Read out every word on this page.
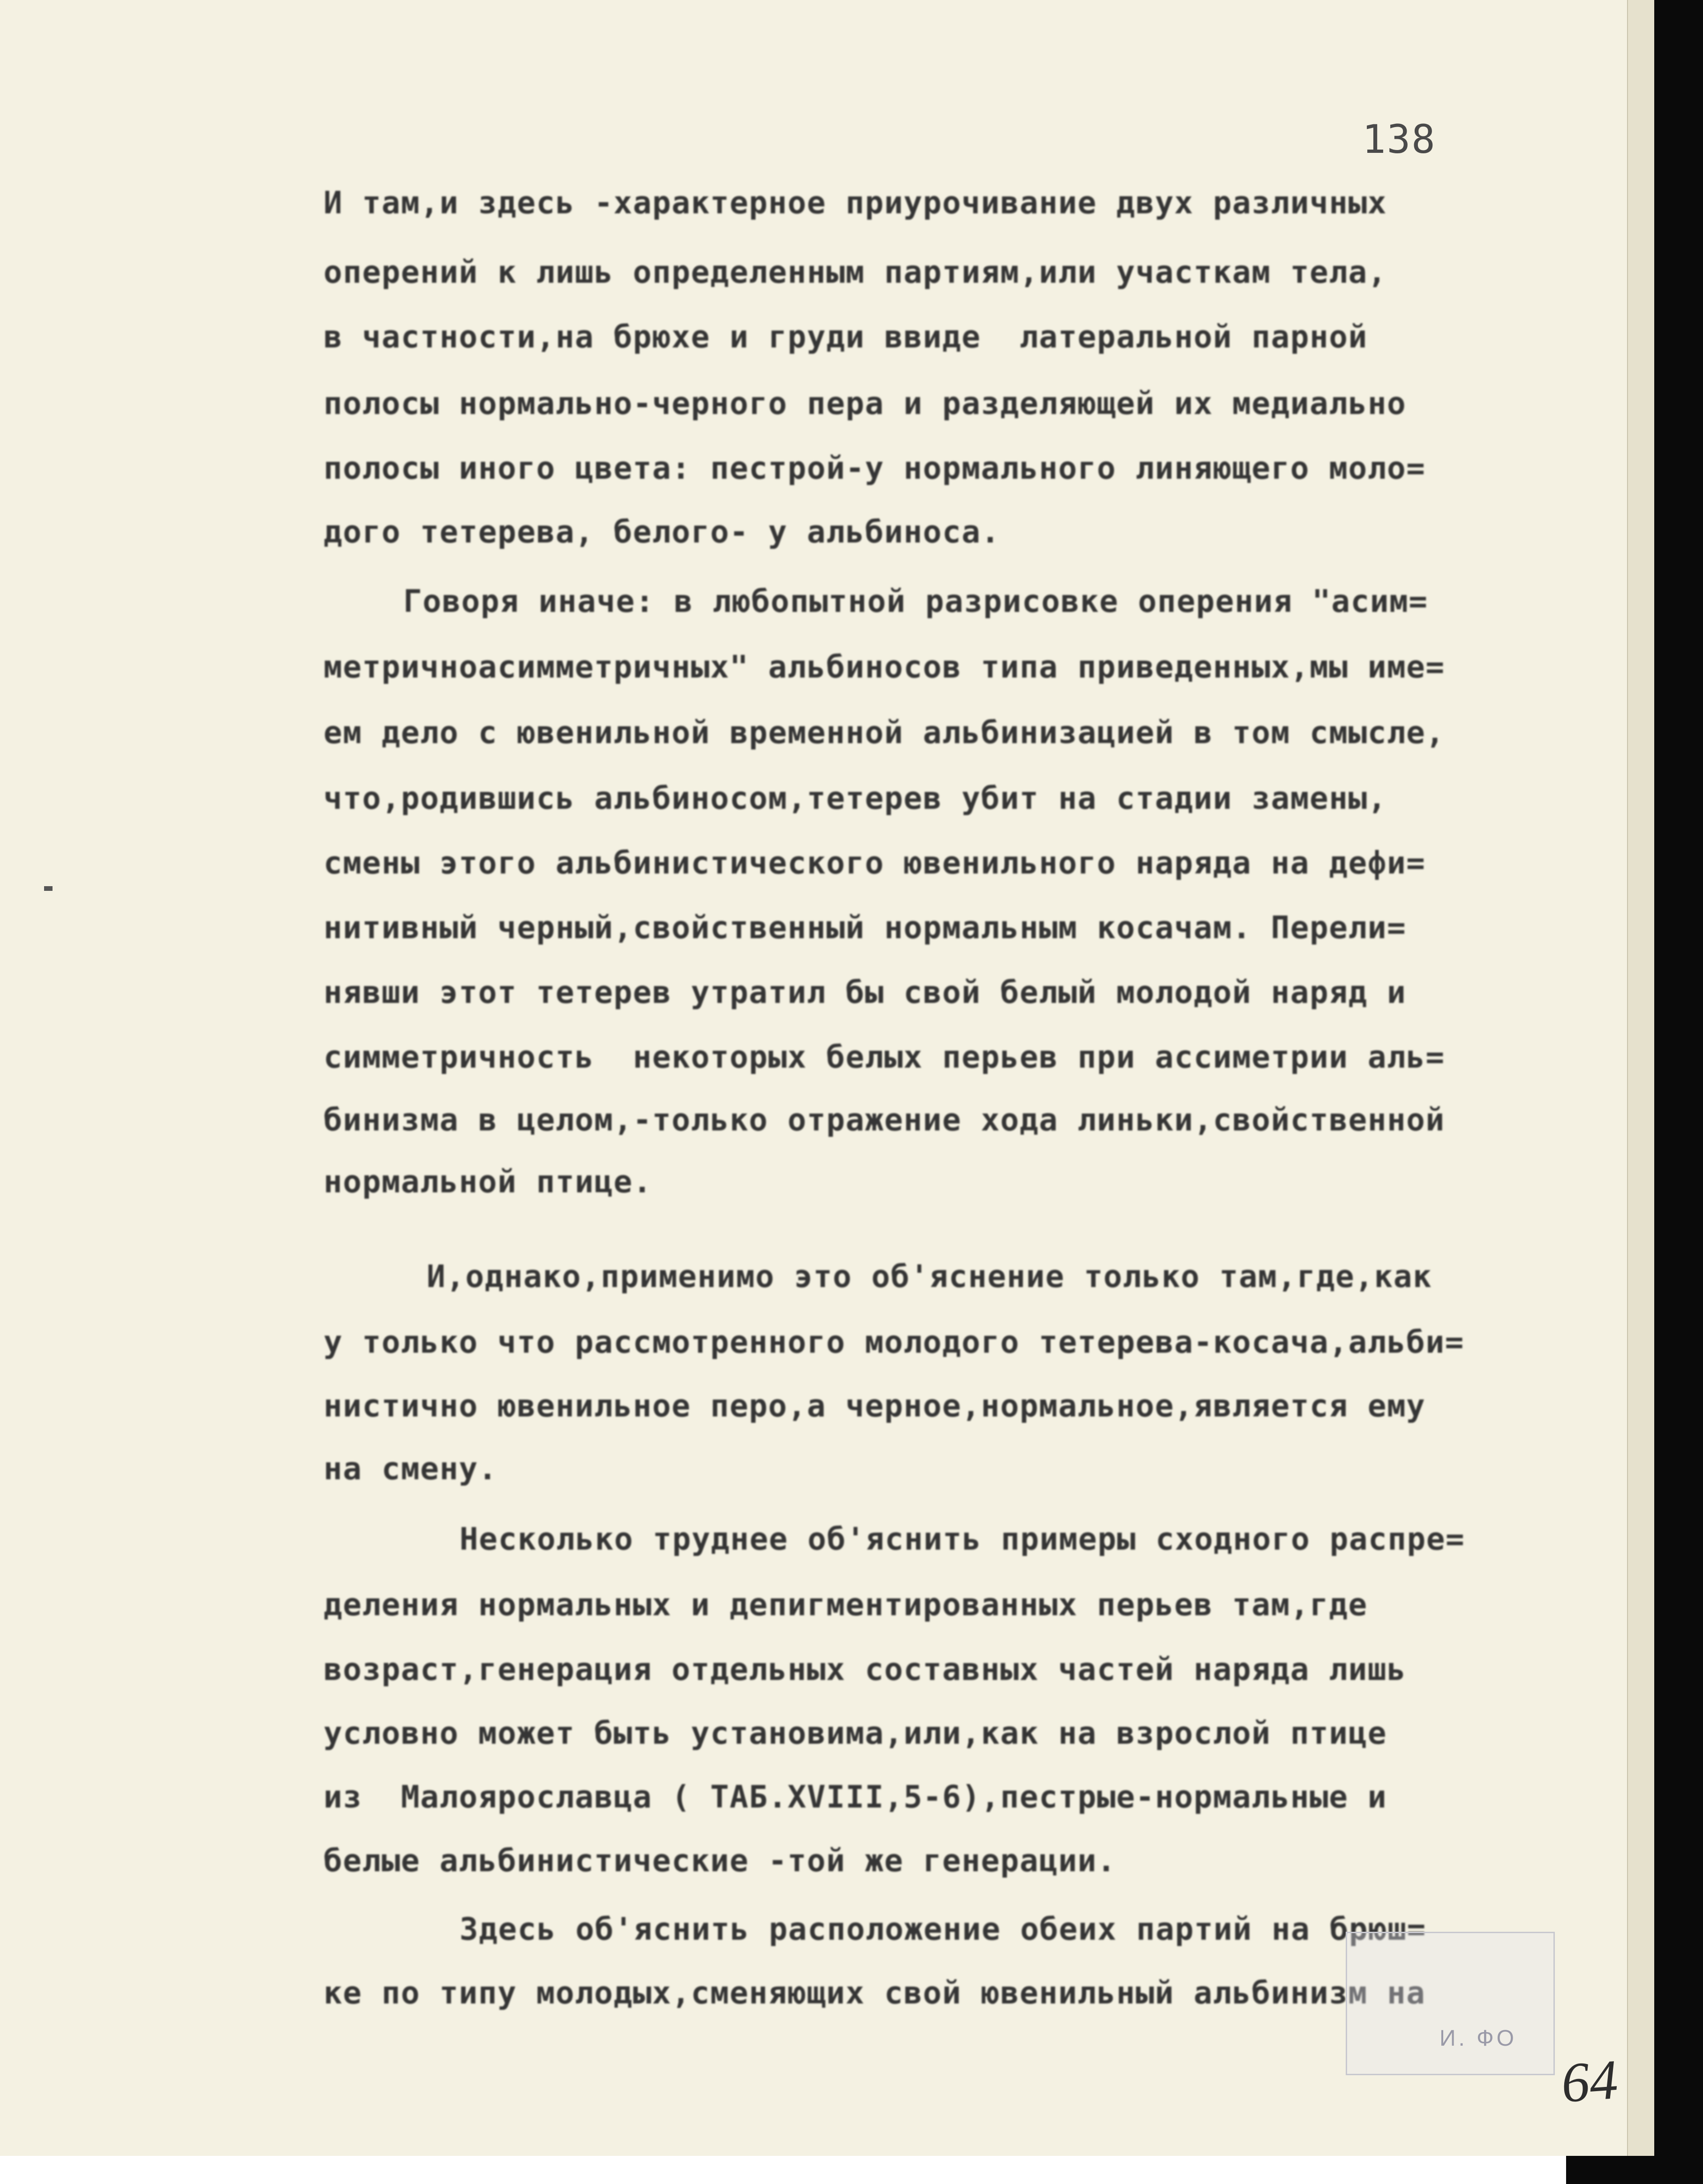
138
И там,и здесь -характерное приурочивание двух различных
оперений к лишь определенным партиям,или участкам тела,
в частности,на брюхе и груди ввиде  латеральной парной
полосы нормально-черного пера и разделяющей их медиально
полосы иного цвета: пестрой-у нормального линяющего моло=
дого тетерева, белого- у альбиноса.
Говоря иначе: в любопытной разрисовке оперения "асим=
метричноасимметричных" альбиносов типа приведенных,мы име=
ем дело с ювенильной временной альбинизацией в том смысле,
что,родившись альбиносом,тетерев убит на стадии замены,
смены этого альбинистического ювенильного наряда на дефи=
нитивный черный,свойственный нормальным косачам. Перели=
нявши этот тетерев утратил бы свой белый молодой наряд и
симметричность  некоторых белых перьев при ассиметрии аль=
бинизма в целом,-только отражение хода линьки,свойственной
нормальной птице.
И,однако,применимо это об'яснение только там,где,как
у только что рассмотренного молодого тетерева-косача,альби=
нистично ювенильное перо,а черное,нормальное,является ему
на смену.
Несколько труднее об'яснить примеры сходного распре=
деления нормальных и депигментированных перьев там,где
возраст,генерация отдельных составных частей наряда лишь
условно может быть установима,или,как на взрослой птице
из  Малоярославца ( ТАБ.XVIII,5-6),пестрые-нормальные и
белые альбинистические -той же генерации.
Здесь об'яснить расположение обеих партий на брюш=
ке по типу молодых,сменяющих свой ювенильный альбинизм на
И. ФО
64
